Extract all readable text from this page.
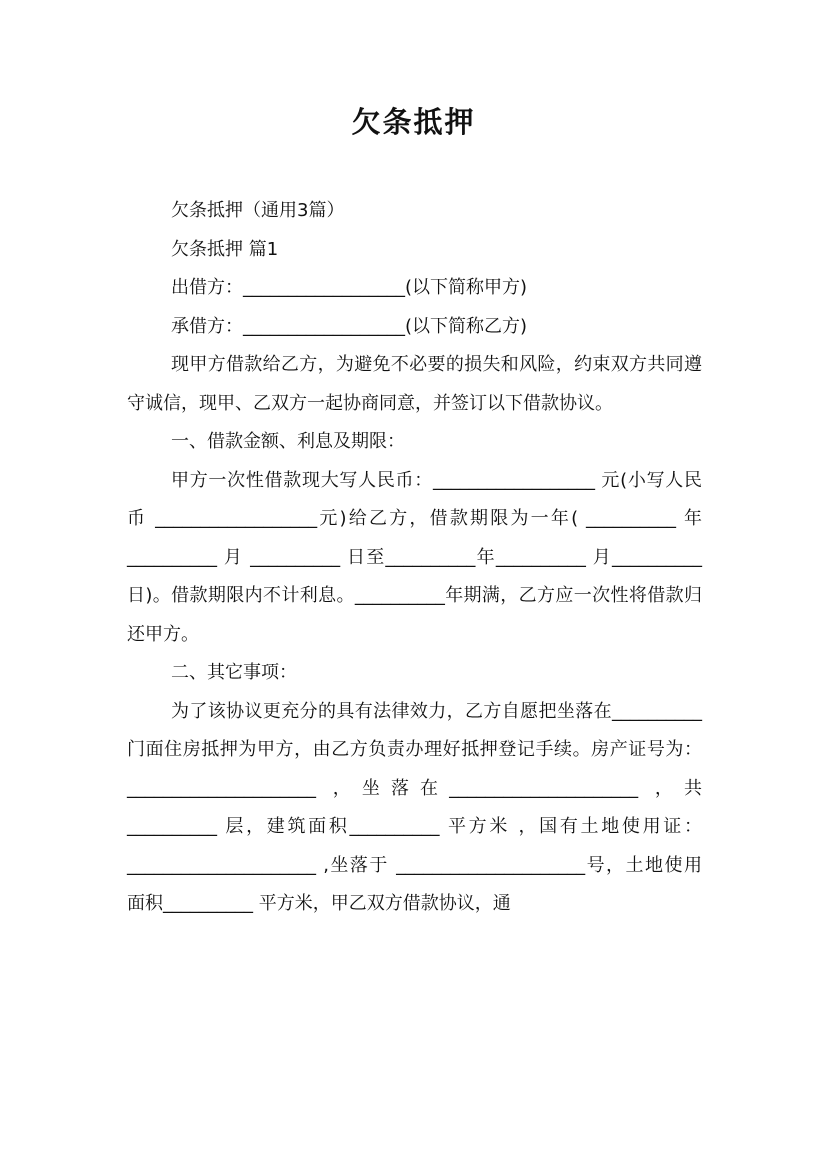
欠条抵押

欠条抵押（通用3篇）

欠条抵押 篇1

出借方：__________________(以下简称甲方)

承借方：__________________(以下简称乙方)

现甲方借款给乙方，为避免不必要的损失和风险，约束双方共同遵守诚信，现甲、乙双方一起协商同意，并签订以下借款协议。

一、借款金额、利息及期限：

甲方一次性借款现大写人民币：__________________ 元(小写人民币 __________________元)给乙方，借款期限为一年( __________ 年 __________ 月 __________ 日至__________年__________ 月__________ 日)。借款期限内不计利息。__________年期满，乙方应一次性将借款归还甲方。

二、其它事项：

为了该协议更充分的具有法律效力，乙方自愿把坐落在__________门面住房抵押为甲方，由乙方负责办理好抵押登记手续。房产证号为：_____________________ ，坐落在_____________________ ，共__________ 层，建筑面积__________ 平方米 ，国有土地使用证：_____________________ ,坐落于 _____________________号，土地使用面积__________ 平方米，甲乙双方借款协议，通
